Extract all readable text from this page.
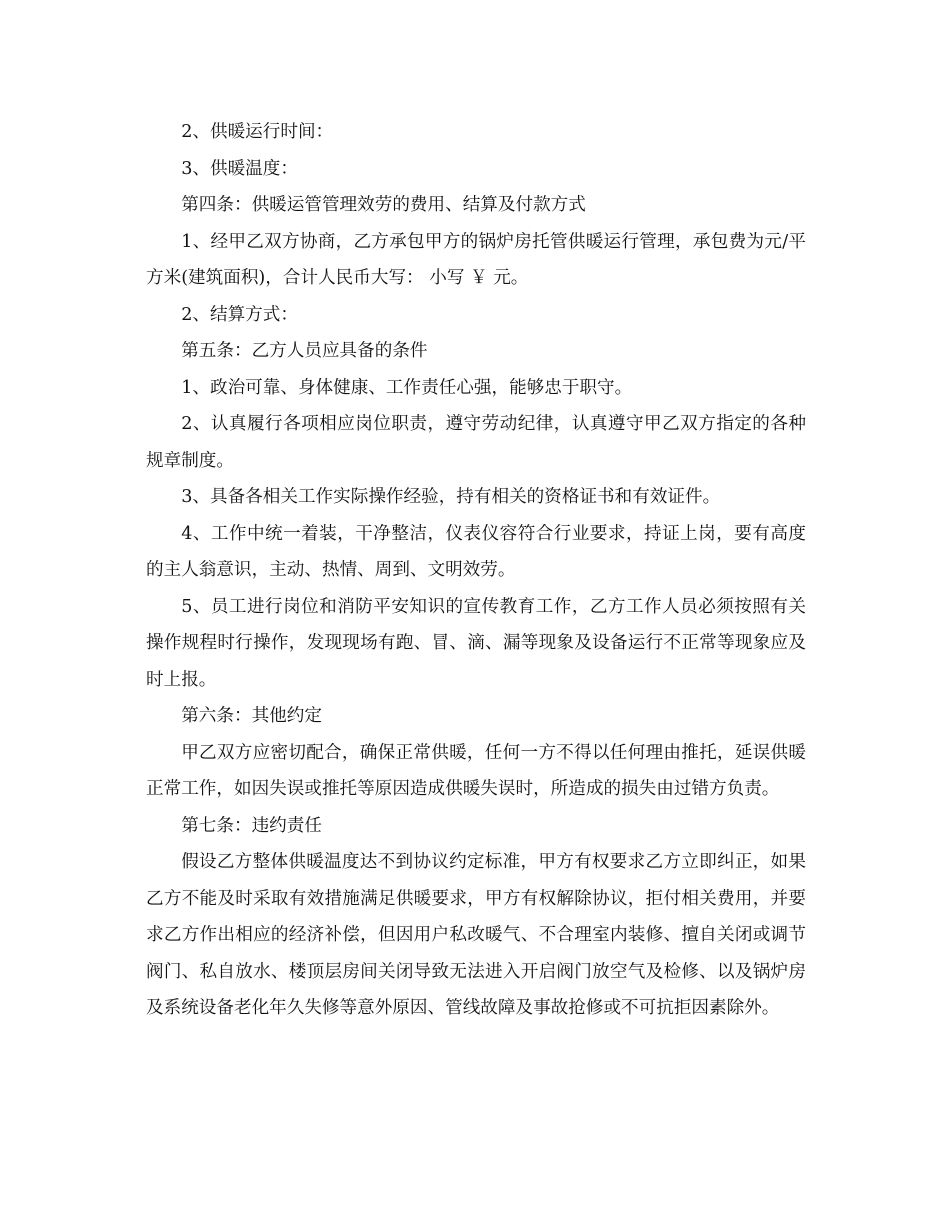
2、供暖运行时间：

3、供暖温度：

第四条：供暖运管管理效劳的费用、结算及付款方式

1、经甲乙双方协商，乙方承包甲方的锅炉房托管供暖运行管理，承包费为元/平方米(建筑面积)，合计人民币大写： 小写 ￥ 元。

2、结算方式：

第五条：乙方人员应具备的条件

1、政治可靠、身体健康、工作责任心强，能够忠于职守。

2、认真履行各项相应岗位职责，遵守劳动纪律，认真遵守甲乙双方指定的各种规章制度。

3、具备各相关工作实际操作经验，持有相关的资格证书和有效证件。

4、工作中统一着装，干净整洁，仪表仪容符合行业要求，持证上岗，要有高度的主人翁意识，主动、热情、周到、文明效劳。

5、员工进行岗位和消防平安知识的宣传教育工作，乙方工作人员必须按照有关操作规程时行操作，发现现场有跑、冒、滴、漏等现象及设备运行不正常等现象应及时上报。

第六条：其他约定

甲乙双方应密切配合，确保正常供暖，任何一方不得以任何理由推托，延误供暖正常工作，如因失误或推托等原因造成供暖失误时，所造成的损失由过错方负责。

第七条：违约责任

假设乙方整体供暖温度达不到协议约定标准，甲方有权要求乙方立即纠正，如果乙方不能及时采取有效措施满足供暖要求，甲方有权解除协议，拒付相关费用，并要求乙方作出相应的经济补偿，但因用户私改暖气、不合理室内装修、擅自关闭或调节阀门、私自放水、楼顶层房间关闭导致无法进入开启阀门放空气及检修、以及锅炉房及系统设备老化年久失修等意外原因、管线故障及事故抢修或不可抗拒因素除外。
